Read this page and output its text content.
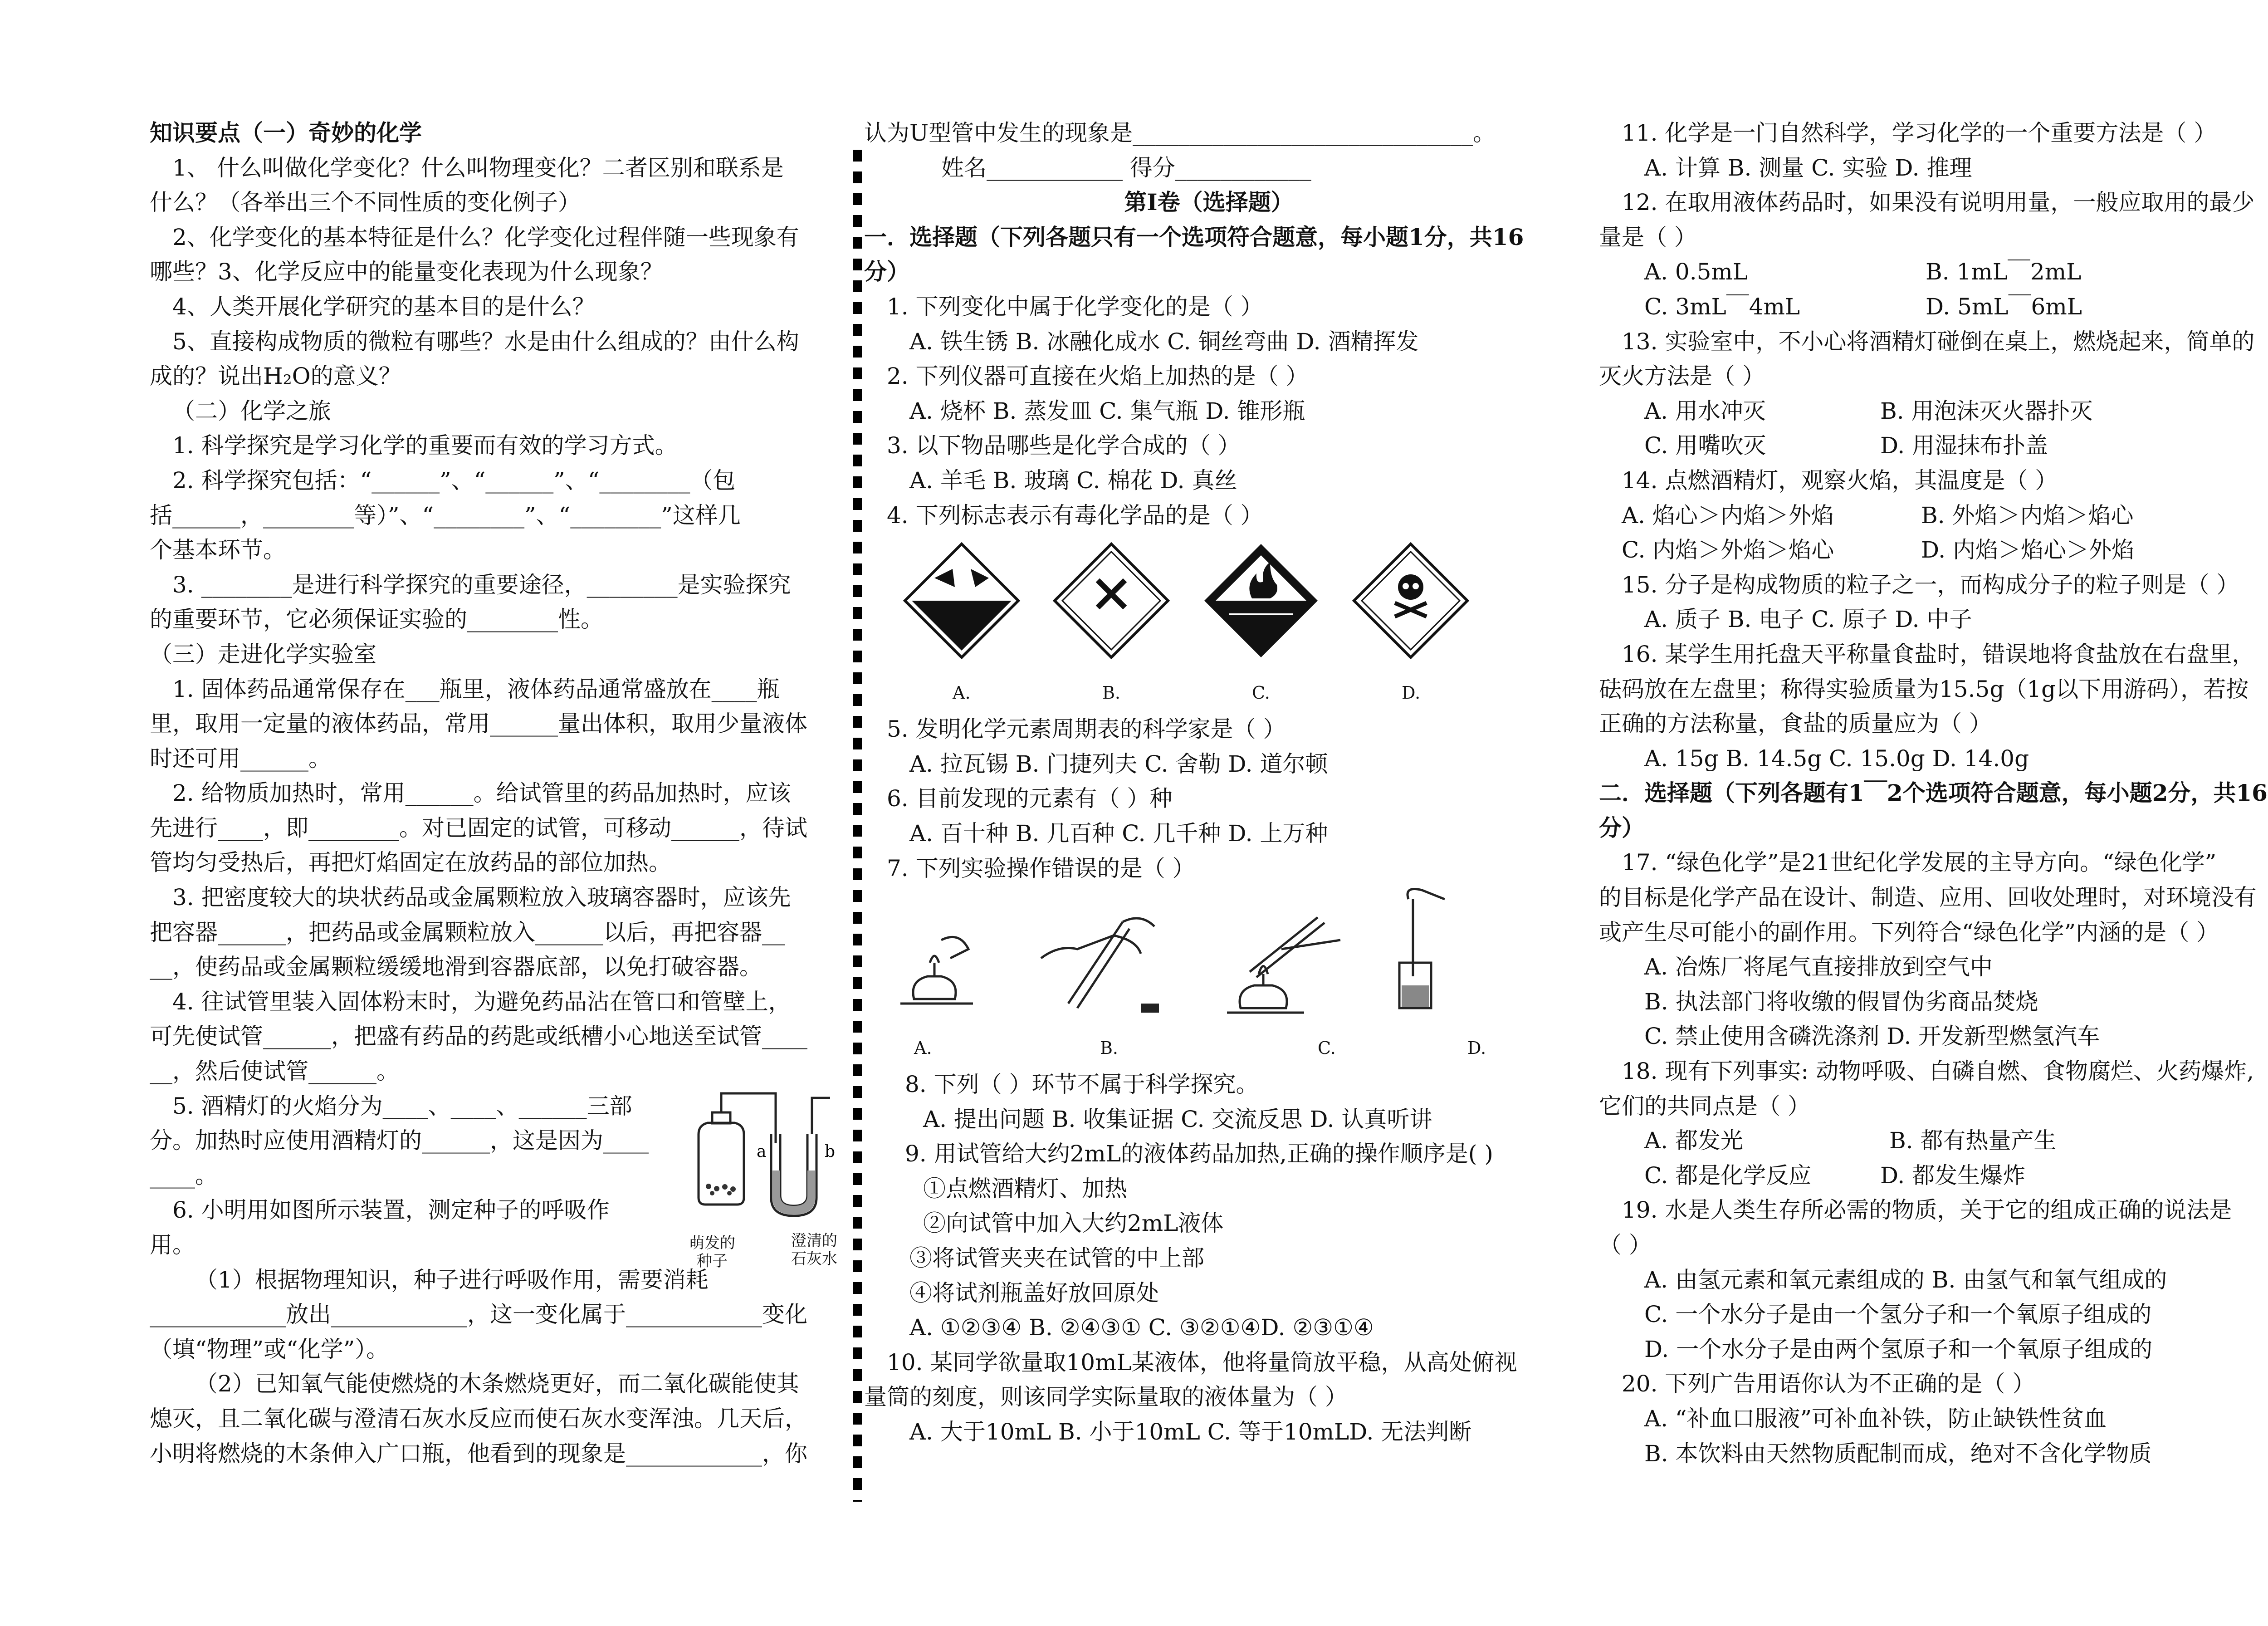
知识要点（一）奇妙的化学
1、 什么叫做化学变化？什么叫物理变化？二者区别和联系是
什么？（各举出三个不同性质的变化例子）
2、化学变化的基本特征是什么？化学变化过程伴随一些现象有
哪些？3、化学反应中的能量变化表现为什么现象？
4、人类开展化学研究的基本目的是什么？
5、直接构成物质的微粒有哪些？水是由什么组成的？由什么构
成的？说出H₂O的意义？
（二）化学之旅
1. 科学探究是学习化学的重要而有效的学习方式。
2. 科学探究包括：“______”、“______”、“________（包
括______，________等）”、“________”、“________”这样几
个基本环节。
3. ________是进行科学探究的重要途径，________是实验探究
的重要环节，它必须保证实验的________性。
（三）走进化学实验室
1. 固体药品通常保存在___瓶里，液体药品通常盛放在____瓶
里，取用一定量的液体药品，常用______量出体积，取用少量液体
时还可用______。
2. 给物质加热时，常用______。给试管里的药品加热时，应该
先进行____，即________。对已固定的试管，可移动______，待试
管均匀受热后，再把灯焰固定在放药品的部位加热。
3. 把密度较大的块状药品或金属颗粒放入玻璃容器时，应该先
把容器______，把药品或金属颗粒放入______以后，再把容器__
__，使药品或金属颗粒缓缓地滑到容器底部，以免打破容器。
4. 往试管里装入固体粉末时，为避免药品沾在管口和管壁上，
可先使试管______，把盛有药品的药匙或纸槽小心地送至试管____
__，然后使试管______。
5. 酒精灯的火焰分为____、____、______三部
分。加热时应使用酒精灯的______，这是因为____
____。
6. 小明用如图所示装置，测定种子的呼吸作
用。
（1）根据物理知识，种子进行呼吸作用，需要消耗
____________放出____________，这一变化属于____________变化
（填“物理”或“化学”）。
（2）已知氧气能使燃烧的木条燃烧更好，而二氧化碳能使其
熄灭，且二氧化碳与澄清石灰水反应而使石灰水变浑浊。几天后，
小明将燃烧的木条伸入广口瓶，他看到的现象是____________，你
a	b
萌发的种子
澄清的石灰水
认为U型管中发生的现象是______________________________。
姓名____________ 得分____________
第Ⅰ卷（选择题）
一．选择题（下列各题只有一个选项符合题意，每小题1分，共16
分）
1. 下列变化中属于化学变化的是（ ）
A. 铁生锈 B. 冰融化成水 C. 铜丝弯曲 D. 酒精挥发
2. 下列仪器可直接在火焰上加热的是（ ）
A. 烧杯 B. 蒸发皿 C. 集气瓶 D. 锥形瓶
3. 以下物品哪些是化学合成的（ ）
A. 羊毛 B. 玻璃 C. 棉花 D. 真丝
4. 下列标志表示有毒化学品的是（ ）
A.	B.	C.	D.
5. 发明化学元素周期表的科学家是（ ）
A. 拉瓦锡 B. 门捷列夫 C. 舍勒 D. 道尔顿
6. 目前发现的元素有（ ）种
A. 百十种 B. 几百种 C. 几千种 D. 上万种
7. 下列实验操作错误的是（ ）
A.	B.	C.	D.
8. 下列（ ）环节不属于科学探究。
A. 提出问题 B. 收集证据 C. 交流反思 D. 认真听讲
9. 用试管给大约2mL的液体药品加热,正确的操作顺序是( )
①点燃酒精灯、加热
②向试管中加入大约2mL液体
③将试管夹夹在试管的中上部
④将试剂瓶盖好放回原处
A. ①②③④ B. ②④③① C. ③②①④D. ②③①④
10. 某同学欲量取10mL某液体，他将量筒放平稳，从高处俯视
量筒的刻度，则该同学实际量取的液体量为（ ）
A. 大于10mL B. 小于10mL C. 等于10mLD. 无法判断
11. 化学是一门自然科学，学习化学的一个重要方法是（ ）
A. 计算 B. 测量 C. 实验 D. 推理
12. 在取用液体药品时，如果没有说明用量，一般应取用的最少
量是（ ）
A. 0.5mL	B. 1mL￣2mL
C. 3mL￣4mL	D. 5mL￣6mL
13. 实验室中，不小心将酒精灯碰倒在桌上，燃烧起来，简单的
灭火方法是（ ）
A. 用水冲灭	B. 用泡沫灭火器扑灭
C. 用嘴吹灭	D. 用湿抹布扑盖
14. 点燃酒精灯，观察火焰，其温度是（ ）
A. 焰心＞内焰＞外焰	B. 外焰＞内焰＞焰心
C. 内焰＞外焰＞焰心	D. 内焰＞焰心＞外焰
15. 分子是构成物质的粒子之一，而构成分子的粒子则是（ ）
A. 质子 B. 电子 C. 原子 D. 中子
16. 某学生用托盘天平称量食盐时，错误地将食盐放在右盘里，
砝码放在左盘里；称得实验质量为15.5g（1g以下用游码），若按
正确的方法称量，食盐的质量应为（ ）
A. 15g B. 14.5g C. 15.0g D. 14.0g
二．选择题（下列各题有1￣2个选项符合题意，每小题2分，共16
分）
17. “绿色化学”是21世纪化学发展的主导方向。“绿色化学”
的目标是化学产品在设计、制造、应用、回收处理时，对环境没有
或产生尽可能小的副作用。下列符合“绿色化学”内涵的是（ ）
A. 冶炼厂将尾气直接排放到空气中
B. 执法部门将收缴的假冒伪劣商品焚烧
C. 禁止使用含磷洗涤剂 D. 开发新型燃氢汽车
18. 现有下列事实: 动物呼吸、白磷自燃、食物腐烂、火药爆炸,
它们的共同点是（ ）
A. 都发光	B. 都有热量产生
C. 都是化学反应	D. 都发生爆炸
19. 水是人类生存所必需的物质，关于它的组成正确的说法是
（ ）
A. 由氢元素和氧元素组成的 B. 由氢气和氧气组成的
C. 一个水分子是由一个氢分子和一个氧原子组成的
D. 一个水分子是由两个氢原子和一个氧原子组成的
20. 下列广告用语你认为不正确的是（ ）
A. “补血口服液”可补血补铁，防止缺铁性贫血
B. 本饮料由天然物质配制而成，绝对不含化学物质
